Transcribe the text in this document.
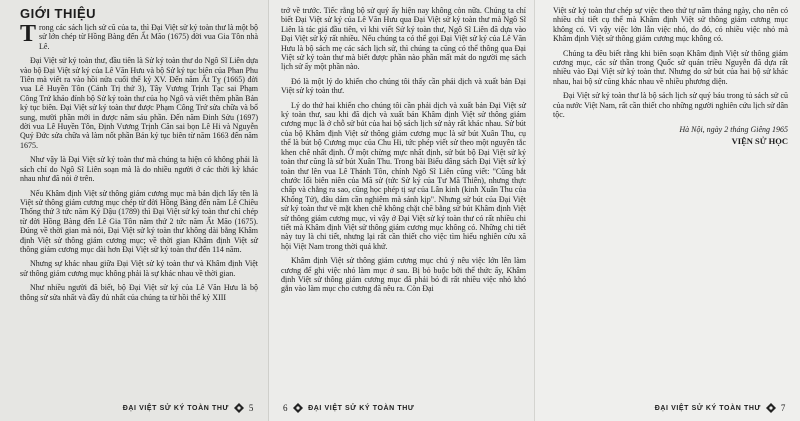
GIỚI THIỆU

Trong các sách lịch sử cũ của ta, thì Đại Việt sử ký toàn thư là một bộ sử lớn chép từ Hồng Bàng đến Ất Mão (1675) đời vua Gia Tôn nhà Lê.

Đại Việt sử ký toàn thư, đầu tiên là Sử ký toàn thư do Ngô Sĩ Liên dựa vào bộ Đại Việt sử ký của Lê Văn Hưu và bộ Sử ký tục biên của Phan Phu Tiên mà viết ra vào hồi nửa cuối thế kỷ XV. Đến năm Ất Tỵ (1665) đời vua Lê Huyền Tôn (Cảnh Trị thứ 3), Tây Vương Trịnh Tạc sai Phạm Công Trứ khảo đính bộ Sử ký toàn thư của họ Ngô và viết thêm phần Bản kỷ tục biên. Đại Việt sử ký toàn thư được Phạm Công Trứ sửa chữa và bổ sung, mười phần mới in được năm sáu phần. Đến năm Đinh Sửu (1697) đời vua Lê Huyền Tôn, Định Vương Trịnh Căn sai bọn Lê Hi và Nguyễn Quý Đức sửa chữa và làm nốt phần Bản kỷ tục biên từ năm 1663 đến năm 1675.

Như vậy là Đại Việt sử ký toàn thư mà chúng ta hiện có không phải là sách chỉ do Ngô Sĩ Liên soạn mà là do nhiều người ở các thời kỳ khác nhau như đã nói ở trên.

Nếu Khâm định Việt sử thông giám cương mục mà bản dịch lấy tên là Việt sử thông giám cương mục chép từ đời Hồng Bàng đến năm Lê Chiêu Thống thứ 3 tức năm Kỷ Dậu (1789) thì Đại Việt sử ký toàn thư chỉ chép từ đời Hồng Bàng đến Lê Gia Tôn năm thứ 2 tức năm Ất Mão (1675). Đúng về thời gian mà nói, Đại Việt sử ký toàn thư không dài bằng Khâm định Việt sử thông giám cương mục; về thời gian Khâm định Việt sử thông giám cương mục dài hơn Đại Việt sử ký toàn thư đến 114 năm.

Nhưng sự khác nhau giữa Đại Việt sử ký toàn thư và Khâm định Việt sử thông giám cương mục không phải là sự khác nhau về thời gian.

Như nhiều người đã biết, bộ Đại Việt sử ký của Lê Văn Hưu là bộ thông sử sửa nhất và đầy đủ nhất của chúng ta từ hồi thế kỷ XIII

ĐẠI VIỆT SỬ KÝ TOÀN THƯ 5

trở về trước. Tiếc rằng bộ sử quý ấy hiện nay không còn nữa. Chúng ta chỉ biết Đại Việt sử ký của Lê Văn Hưu qua Đại Việt sử ký toàn thư mà Ngô Sĩ Liên là tác giả đầu tiên, vì khi viết Sử ký toàn thư, Ngô Sĩ Liên đã dựa vào Đại Việt sử ký rất nhiều. Nếu chúng ta có thể gọi Đại Việt sử ký của Lê Văn Hưu là bộ sách mẹ các sách lịch sử, thì chúng ta cũng có thể thông qua Đại Việt sử ký toàn thư mà biết được phần nào phần mất mát do người mẹ sách lịch sử ấy một phần nào.

Đó là một lý do khiến cho chúng tôi thấy cần phải dịch và xuất bản Đại Việt sử ký toàn thư.

Lý do thứ hai khiến cho chúng tôi cần phải dịch và xuất bản Đại Việt sử ký toàn thư, sau khi đã dịch và xuất bản Khâm định Việt sử thông giám cương mục là ở chỗ sử bút của hai bộ sách lịch sử này rất khác nhau. Sử bút của bộ Khâm định Việt sử thông giám cương mục là sử bút Xuân Thu, cụ thể là bút bộ Cương mục của Chu Hi, tức phép viết sử theo một nguyên tắc khen chê nhất định. Ở một chừng mực nhất định, sử bút bộ Đại Việt sử ký toàn thư cũng là sử bút Xuân Thu. Trong bài Biểu dâng sách Đại Việt sử ký toàn thư lên vua Lê Thánh Tôn, chính Ngô Sĩ Liên cũng viết: "Cũng bắt chước lối biên niên của Mã sử (tức Sử ký của Tư Mã Thiên), nhưng thực chấp và chằng ra sao, cũng học phép tị sự của Lân kinh (kinh Xuân Thu của Khổng Tử), đâu dám cần nghiêm mà sánh kịp". Nhưng sử bút của Đại Việt sử ký toàn thư về mặt khen chê không chặt chẽ bằng sử bút Khâm định Việt sử thông giám cương mục, vì vậy ở Đại Việt sử ký toàn thư có rất nhiều chi tiết mà Khâm định Việt sử thông giám cương mục không có. Những chi tiết này tuy là chi tiết, nhưng lại rất cần thiết cho việc tìm hiểu nghiên cứu xã hội Việt Nam trong thời quá khứ.

Khâm định Việt sử thông giám cương mục chủ ý nêu việc lớn lên làm cương để ghi việc nhỏ làm mục ở sau. Bị bỏ buộc bởi thể thức ấy, Khâm định Việt sử thông giám cương mục đã phải bỏ đi rất nhiều việc nhỏ khó gắn vào làm mục cho cương đã nêu ra. Còn Đại

6	ĐẠI VIỆT SỬ KÝ TOÀN THƯ

Việt sử ký toàn thư chép sự việc theo thứ tự năm tháng ngày, cho nên có nhiều chi tiết cụ thể mà Khâm định Việt sử thông giám cương mục không có. Vì vậy việc lớn lẫn việc nhỏ, do đó, có nhiều việc nhỏ mà Khâm định Việt sử thông giám cương mục không có.

Chúng ta đều biết rằng khi biên soạn Khâm định Việt sử thông giám cương mục, các sử thần trong Quốc sử quán triều Nguyễn đã dựa rất nhiều vào Đại Việt sử ký toàn thư. Nhưng do sử bút của hai bộ sử khác nhau, hai bộ sử cũng khác nhau về nhiều phương diện.

Đại Việt sử ký toàn thư là bộ sách lịch sử quý báu trong tủ sách sử cũ của nước Việt Nam, rất cần thiết cho những người nghiên cứu lịch sử dân tộc.

Hà Nội, ngày 2 tháng Giêng 1965

VIỆN SỬ HỌC

ĐẠI VIỆT SỬ KÝ TOÀN THƯ 7
